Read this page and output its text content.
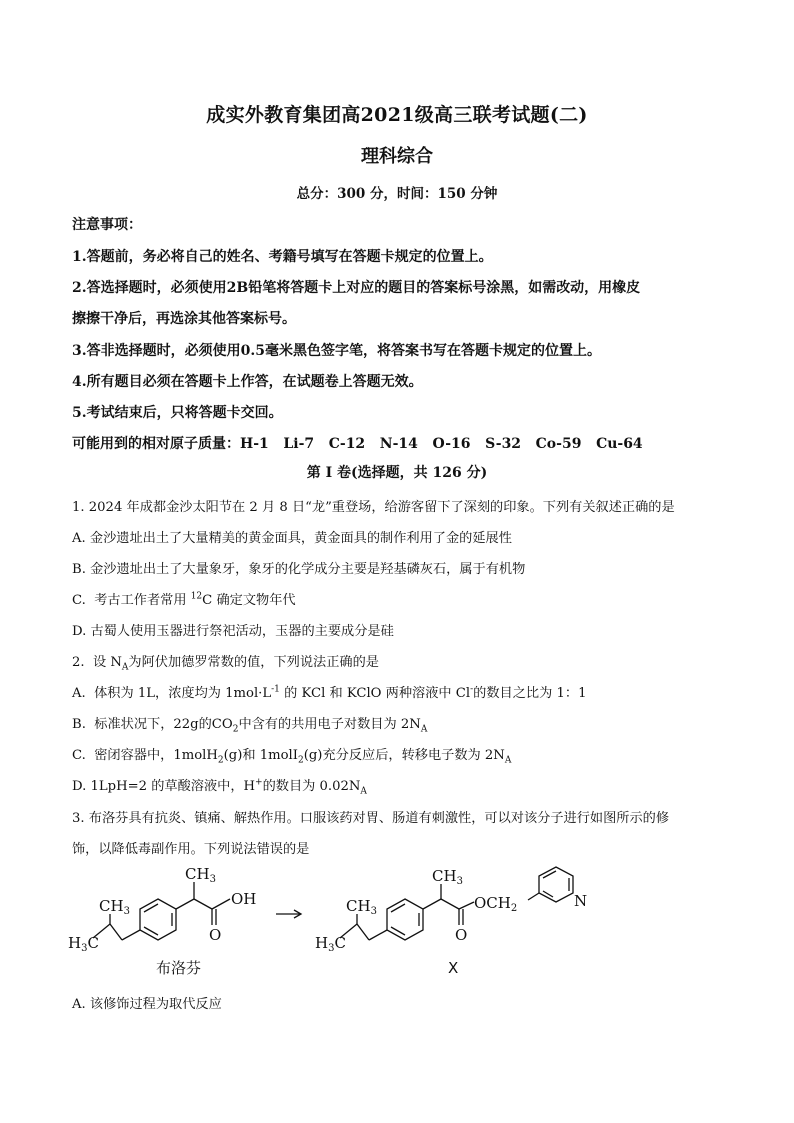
成实外教育集团高2021级高三联考试题(二)
理科综合
总分：300 分，时间：150 分钟
注意事项：
1.答题前，务必将自己的姓名、考籍号填写在答题卡规定的位置上。
2.答选择题时，必须使用2B铅笔将答题卡上对应的题目的答案标号涂黑，如需改动，用橡皮
擦擦干净后，再选涂其他答案标号。
3.答非选择题时，必须使用0.5毫米黑色签字笔，将答案书写在答题卡规定的位置上。
4.所有题目必须在答题卡上作答，在试题卷上答题无效。
5.考试结束后，只将答题卡交回。
可能用到的相对原子质量：H-1   Li-7   C-12   N-14   O-16   S-32   Co-59   Cu-64
第 I 卷(选择题，共 126 分)
1. 2024 年成都金沙太阳节在 2 月 8 日“龙”重登场，给游客留下了深刻的印象。下列有关叙述正确的是
A. 金沙遗址出土了大量精美的黄金面具，黄金面具的制作利用了金的延展性
B. 金沙遗址出土了大量象牙，象牙的化学成分主要是羟基磷灰石，属于有机物
C.  考古工作者常用 $^{12}$C 确定文物年代
D. 古蜀人使用玉器进行祭祀活动，玉器的主要成分是硅
2.  设 $N_A$为阿伏加德罗常数的值，下列说法正确的是
A.  体积为 1L，浓度均为 $1mol\cdot L^{-1}$ 的 KCl 和 KClO 两种溶液中 Cl-的数目之比为 1：1
B.  标准状况下，22g的$CO_2$中含有的共用电子对数目为 $2N_A$
C.  密闭容器中，1molH$_2$(g)和 1molI$_2$(g)充分反应后，转移电子数为 $2N_A$
D. 1LpH=2 的草酸溶液中，H+的数目为 $0.02N_A$
3. 布洛芬具有抗炎、镇痛、解热作用。口服该药对胃、肠道有刺激性，可以对该分子进行如图所示的修
饰，以降低毒副作用。下列说法错误的是
$CH_3$
$CH_3$
$H_3C$
OH
O
布洛芬
$CH_3$
$CH_3$
$H_3C$	O
$OCH_2$	N
X
A. 该修饰过程为取代反应
